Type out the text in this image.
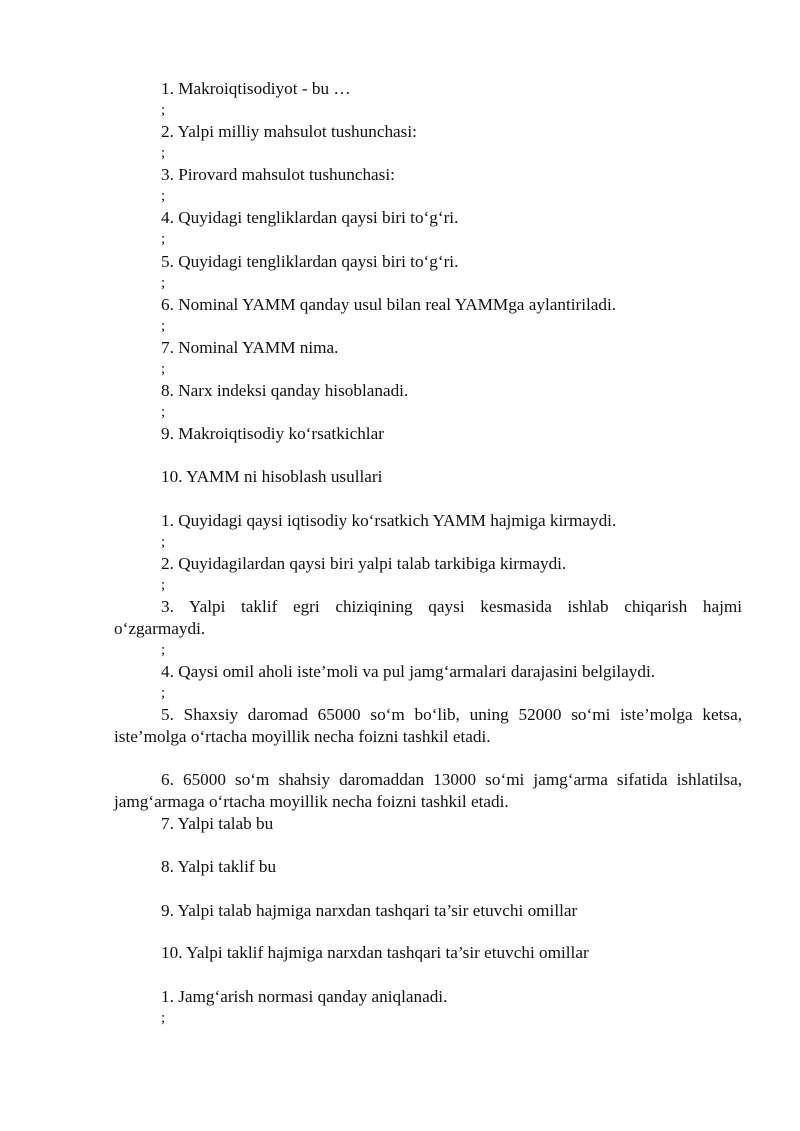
1. Makroiqtisodiyot - bu …
;
2. Yalpi milliy mahsulot tushunchasi:
;
3. Pirovard mahsulot tushunchasi:
;
4. Quyidagi tengliklardan qaysi biri to‘g‘ri.
;
5. Quyidagi tengliklardan qaysi biri to‘g‘ri.
;
6. Nominal YAMM qanday usul bilan real YAMMga aylantiriladi.
;
7. Nominal YAMM nima.
;
8. Narx indeksi qanday hisoblanadi.
;
9. Makroiqtisodiy ko‘rsatkichlar
10. YAMM ni hisoblash usullari
1. Quyidagi qaysi iqtisodiy ko‘rsatkich YAMM hajmiga kirmaydi.
;
2. Quyidagilardan qaysi biri yalpi talab tarkibiga kirmaydi.
;
3. Yalpi taklif egri chiziqining qaysi kesmasida ishlab chiqarish hajmi
o‘zgarmaydi.
;
4. Qaysi omil aholi iste’moli va pul jamg‘armalari darajasini belgilaydi.
;
5. Shaxsiy daromad 65000 so‘m bo‘lib, uning 52000 so‘mi iste’molga ketsa,
iste’molga o‘rtacha moyillik necha foizni tashkil etadi.
6. 65000 so‘m shahsiy daromaddan 13000 so‘mi jamg‘arma sifatida ishlatilsa,
jamg‘armaga o‘rtacha moyillik necha foizni tashkil etadi.
7. Yalpi talab bu
8. Yalpi taklif bu
9. Yalpi talab hajmiga narxdan tashqari ta’sir etuvchi omillar
10. Yalpi taklif hajmiga narxdan tashqari ta’sir etuvchi omillar
1. Jamg‘arish normasi qanday aniqlanadi.
;
